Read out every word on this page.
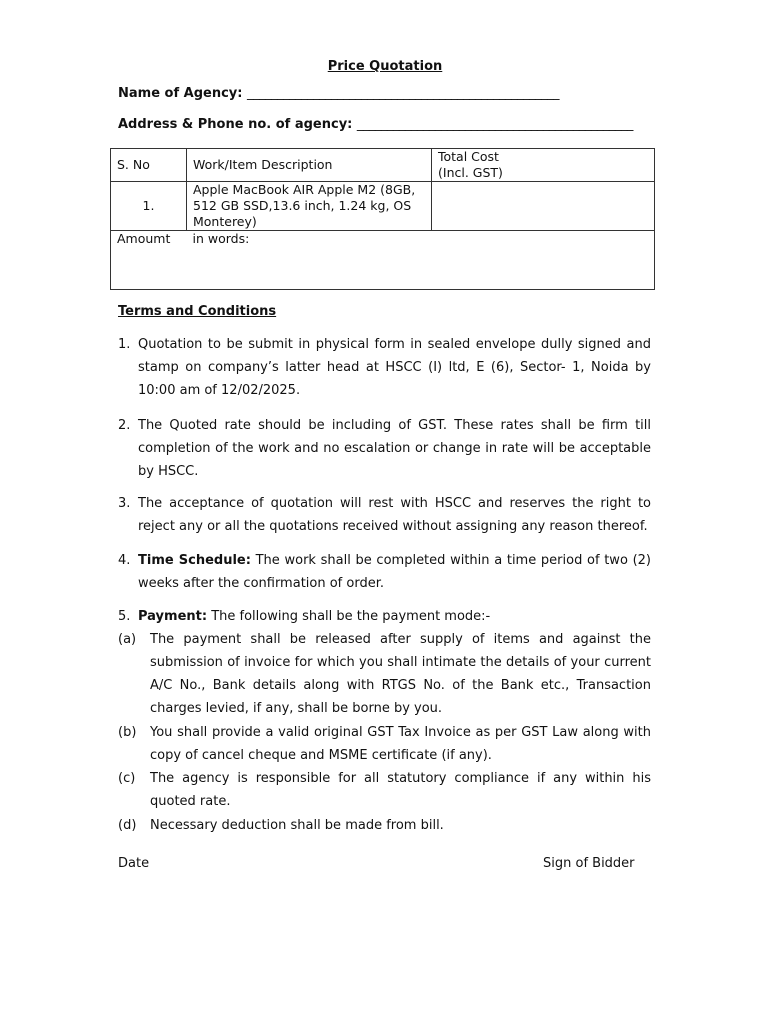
Price Quotation
Name of Agency: ____________________________________________________
Address & Phone no. of agency: ______________________________________________
S. No	Work/Item Description	Total Cost
(Incl. GST)

1.	Apple MacBook AIR Apple M2 (8GB,
512 GB SSD,13.6 inch, 1.24 kg, OS
Monterey)	

Amoumt	in words:	
Terms and Conditions
1. Quotation to be submit in physical form in sealed envelope dully signed and stamp on company’s latter head at HSCC (I) ltd, E (6), Sector- 1, Noida by 10:00 am of 12/02/2025.
2. The Quoted rate should be including of GST. These rates shall be firm till completion of the work and no escalation or change in rate will be acceptable by HSCC.
3. The acceptance of quotation will rest with HSCC and reserves the right to reject any or all the quotations received without assigning any reason thereof.
4. Time Schedule: The work shall be completed within a time period of two (2) weeks after the confirmation of order.
5. Payment: The following shall be the payment mode:-
(a) The payment shall be released after supply of items and against the submission of invoice for which you shall intimate the details of your current A/C No., Bank details along with RTGS No. of the Bank etc., Transaction charges levied, if any, shall be borne by you.
(b) You shall provide a valid original GST Tax Invoice as per GST Law along with copy of cancel cheque and MSME certificate (if any).
(c) The agency is responsible for all statutory compliance if any within his quoted rate.
(d) Necessary deduction shall be made from bill.
Date	Sign of Bidder
